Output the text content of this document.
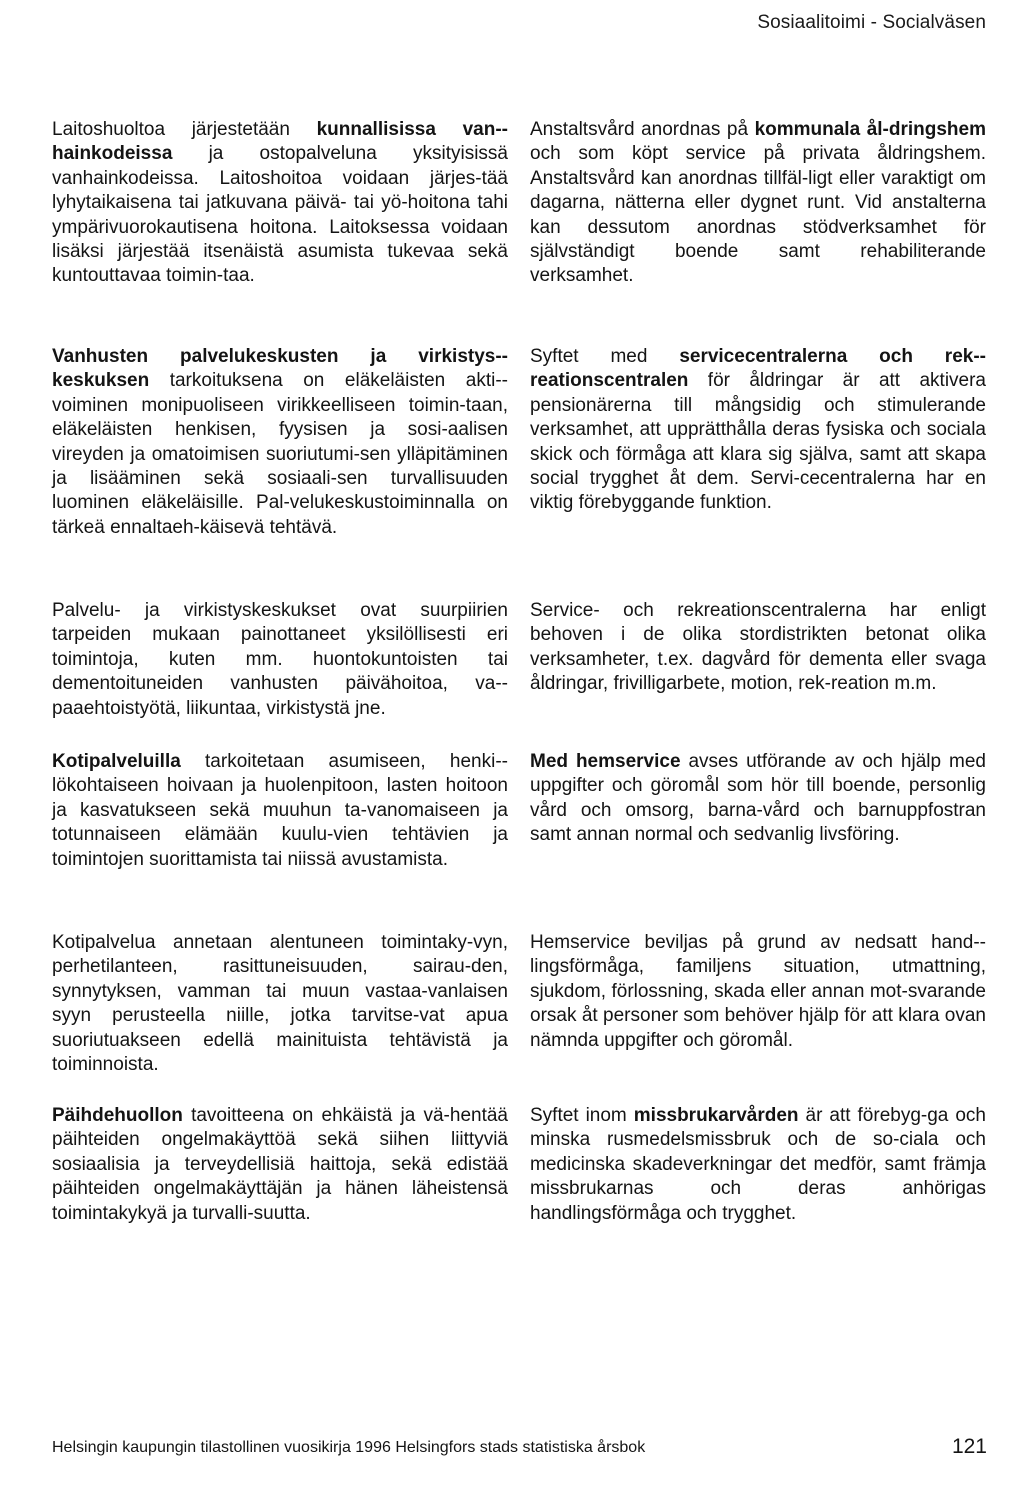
Sosiaalitoimi - Socialväsen

Laitoshuoltoa järjestetään kunnallisissa van-hainkodeissa ja ostopalveluna yksityisissä vanhainkodeissa. Laitoshoitoa voidaan järjes-tää lyhytaikaisena tai jatkuvana päivä- tai yö-hoitona tahi ympärivuorokautisena hoitona. Laitoksessa voidaan lisäksi järjestää itsenäistä asumista tukevaa sekä kuntouttavaa toimin-taa.

Vanhusten palvelukeskusten ja virkistys-keskuksen tarkoituksena on eläkeläisten akti-voiminen monipuoliseen virikkeelliseen toimin-taan, eläkeläisten henkisen, fyysisen ja sosi-aalisen vireyden ja omatoimisen suoriutumi-sen ylläpitäminen ja lisääminen sekä sosiaali-sen turvallisuuden luominen eläkeläisille. Pal-velukeskustoiminnalla on tärkeä ennaltaeh-käisevä tehtävä.

Palvelu- ja virkistyskeskukset ovat suurpiirien tarpeiden mukaan painottaneet yksilöllisesti eri toimintoja, kuten mm. huontokuntoisten tai dementoituneiden vanhusten päivähoitoa, va-paaehtoistyötä, liikuntaa, virkistystä jne.

Kotipalveluilla tarkoitetaan asumiseen, henki-lökohtaiseen hoivaan ja huolenpitoon, lasten hoitoon ja kasvatukseen sekä muuhun ta-vanomaiseen ja totunnaiseen elämään kuulu-vien tehtävien ja toimintojen suorittamista tai niissä avustamista.

Kotipalvelua annetaan alentuneen toimintaky-vyn, perhetilanteen, rasittuneisuuden, sairau-den, synnytyksen, vamman tai muun vastaa-vanlaisen syyn perusteella niille, jotka tarvitse-vat apua suoriutuakseen edellä mainituista tehtävistä ja toiminnoista.

Päihdehuollon tavoitteena on ehkäistä ja vä-hentää päihteiden ongelmakäyttöä sekä siihen liittyviä sosiaalisia ja terveydellisiä haittoja, sekä edistää päihteiden ongelmakäyttäjän ja hänen läheistensä toimintakykyä ja turvalli-suutta.

Anstaltsvård anordnas på kommunala ål-dringshem och som köpt service på privata åldringshem. Anstaltsvård kan anordnas tillfäl-ligt eller varaktigt om dagarna, nätterna eller dygnet runt. Vid anstalterna kan dessutom anordnas stödverksamhet för självständigt boende samt rehabiliterande verksamhet.

Syftet med servicecentralerna och rek-reationscentralen för åldringar är att aktivera pensionärerna till mångsidig och stimulerande verksamhet, att upprätthålla deras fysiska och sociala skick och förmåga att klara sig själva, samt att skapa social trygghet åt dem. Servi-cecentralerna har en viktig förebyggande funktion.

Service- och rekreationscentralerna har enligt behoven i de olika stordistrikten betonat olika verksamheter, t.ex. dagvård för dementa eller svaga åldringar, frivilligarbete, motion, rek-reation m.m.

Med hemservice avses utförande av och hjälp med uppgifter och göromål som hör till boende, personlig vård och omsorg, barna-vård och barnuppfostran samt annan normal och sedvanlig livsföring.

Hemservice beviljas på grund av nedsatt hand-lingsförmåga, familjens situation, utmattning, sjukdom, förlossning, skada eller annan mot-svarande orsak åt personer som behöver hjälp för att klara ovan nämnda uppgifter och göromål.

Syftet inom missbrukarvården är att förebyg-ga och minska rusmedelsmissbruk och de so-ciala och medicinska skadeverkningar det medför, samt främja missbrukarnas och deras anhörigas handlingsförmåga och trygghet.

Helsingin kaupungin tilastollinen vuosikirja 1996 Helsingfors stads statistiska årsbok	121
